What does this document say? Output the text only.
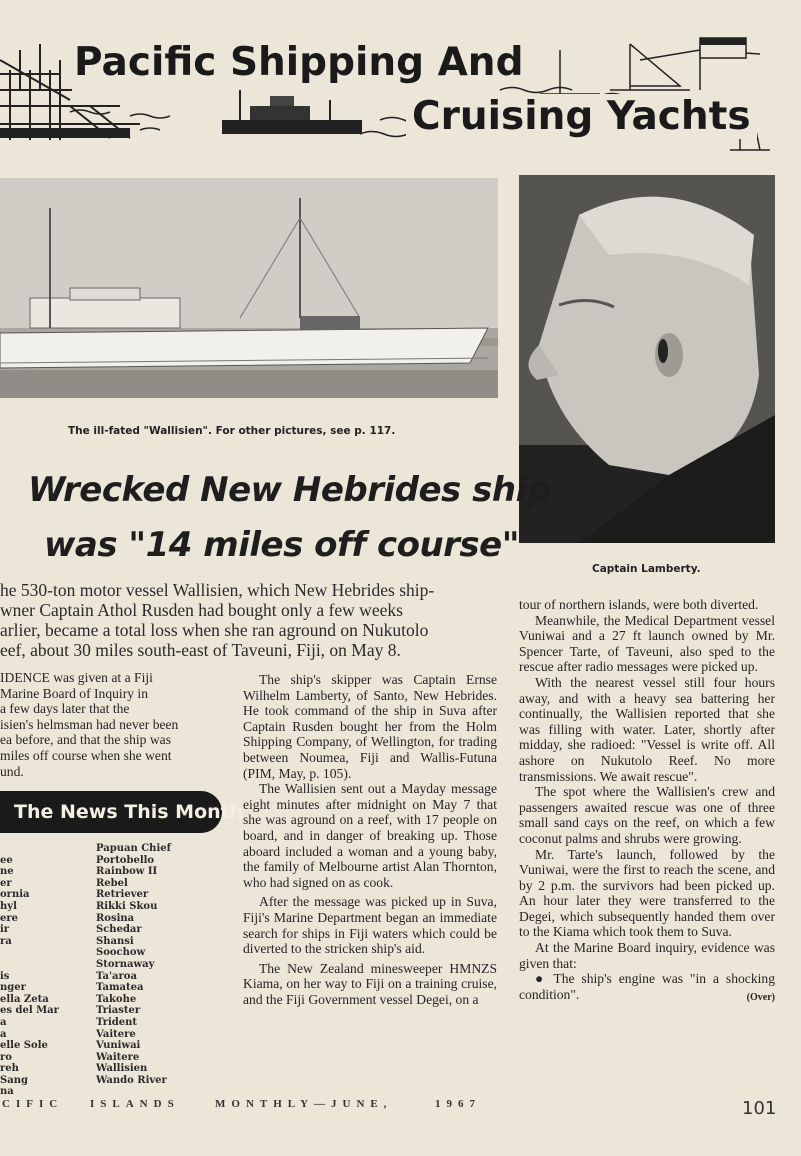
Pacific Shipping And
Cruising Yachts
The ill-fated "Wallisien". For other pictures, see p. 117.
Captain Lamberty.
Wrecked New Hebrides ship
was "14 miles off course"
he 530-ton motor vessel Wallisien, which New Hebrides ship-
wner Captain Athol Rusden had bought only a few weeks
arlier, became a total loss when she ran aground on Nukutolo
eef, about 30 miles south-east of Taveuni, Fiji, on May 8.
IDENCE was given at a Fiji
Marine Board of Inquiry in
a few days later that the
isien's helmsman had never been
ea before, and that the ship was
miles off course when she went
und.
The News This Month
ee
ne
er
ornia
hyl
ere
ir
ra
is
nger
ella Zeta
es del Mar
a
a
elle Sole
ro
reh
Sang
na
Papuan Chief
Portobello
Rainbow II
Rebel
Retriever
Rikki Skou
Rosina
Schedar
Shansi
Soochow
Stornaway
Ta'aroa
Tamatea
Takohe
Triaster
Trident
Vaitere
Vuniwai
Waitere
Wallisien
Wando River

The ship's skipper was Captain Ernse Wilhelm Lamberty, of Santo, New Hebrides. He took command of the ship in Suva after Captain Rusden bought her from the Holm Shipping Company, of Wellington, for trading between Noumea, Fiji and Wallis-Futuna (PIM, May, p. 105).

The Wallisien sent out a Mayday message eight minutes after midnight on May 7 that she was aground on a reef, with 17 people on board, and in danger of breaking up. Those aboard included a woman and a young baby, the family of Melbourne artist Alan Thornton, who had signed on as cook.

After the message was picked up in Suva, Fiji's Marine Department began an immediate search for ships in Fiji waters which could be diverted to the stricken ship's aid.

The New Zealand minesweeper HMNZS Kiama, on her way to Fiji on a training cruise, and the Fiji Government vessel Degei, on a

tour of northern islands, were both diverted.

Meanwhile, the Medical Department vessel Vuniwai and a 27 ft launch owned by Mr. Spencer Tarte, of Taveuni, also sped to the rescue after radio messages were picked up.

With the nearest vessel still four hours away, and with a heavy sea battering her continually, the Wallisien reported that she was filling with water. Later, shortly after midday, she radioed: "Vessel is write off. All ashore on Nukutolo Reef. No more transmissions. We await rescue".

The spot where the Wallisien's crew and passengers awaited rescue was one of three small sand cays on the reef, on which a few coconut palms and shrubs were growing.

Mr. Tarte's launch, followed by the Vuniwai, were the first to reach the scene, and by 2 p.m. the survivors had been picked up. An hour later they were transferred to the Degei, which subsequently handed them over to the Kiama which took them to Suva.

At the Marine Board inquiry, evidence was given that:

● The ship's engine was "in a shocking condition".	(Over)

CIFIC ISLANDS	MONTHLY—JUNE,	1967	101
